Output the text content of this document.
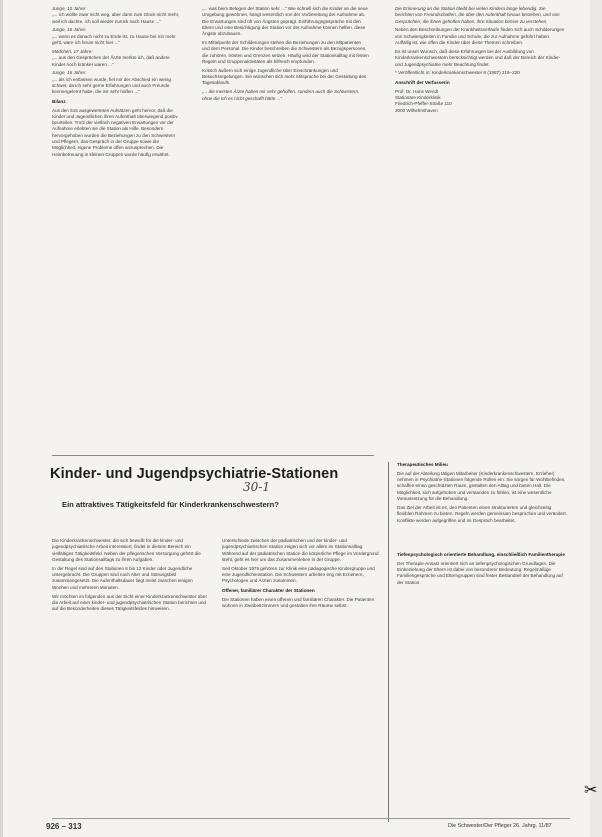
Junge, 10 Jahre:
„... ich wollte zwar nicht weg, aber dann zum Glück nicht mehr, weil ich dachte, ich soll wieder zurück nach Hause ...“

Junge, 16 Jahre:
„... wenn es danach nicht zu Ende ist, zu Hause bei mir mehr geht, wäre ich heute nicht hier ...“

Mädchen, 17 Jahre:
„... aus den Gesprächen der Ärzte merkte ich, daß andere Kinder noch kränker waren ...“

Junge, 16 Jahre:
„... als ich entlassen wurde, fiel mir der Abschied ein wenig schwer, da ich sehr gerne Erfahrungen und auch Freunde kennengelernt habe, die mir sehr halfen ...“

Bilanz

Aus den 515 ausgewerteten Aufsätzen geht hervor, daß die Kinder und Jugendlichen ihren Aufenthalt überwiegend positiv beurteilen. Trotz der vielfach negativen Erwartungen vor der Aufnahme erlebten sie die Station als Hilfe. Besonders hervorgehoben wurden die Beziehungen zu den Schwestern und Pflegern, das Gespräch in der Gruppe sowie die Möglichkeit, eigene Probleme offen anzusprechen. Die Heimbetreuung in kleinen Gruppen wurde häufig erwähnt.

„... was beim Belegen der Station sehr ...“ Wie schnell sich die Kinder an die neue Umgebung gewöhnen, hängt wesentlich von der Vorbereitung der Aufnahme ab. Die Erwartungen sind oft von Ängsten geprägt. Einführungsgespräche mit den Eltern und eine Besichtigung der Station vor der Aufnahme können helfen, diese Ängste abzubauen.

Im Mittelpunkt der Schilderungen stehen die Beziehungen zu den Mitpatienten und dem Personal. Die Kinder beschreiben die Schwestern als Bezugspersonen, die zuhören, trösten und Grenzen setzen. Häufig wird der Stationsalltag mit festen Regeln und Gruppenaktivitäten als hilfreich empfunden.

Kritisch äußern sich einige Jugendliche über Einschränkungen und Besuchsregelungen. Sie wünschen sich mehr Mitsprache bei der Gestaltung des Tagesablaufs.

„... die meisten Ärzte haben mir sehr geholfen, sondern auch die Schwestern, ohne die ich es nicht geschafft hätte ...“

Die Erinnerung an die Station bleibt bei vielen Kindern lange lebendig. Sie berichten von Freundschaften, die über den Aufenthalt hinaus bestehen, und von Gesprächen, die ihnen geholfen haben, ihre Situation besser zu verstehen.

Neben den Beschreibungen der Krankheitsverläufe finden sich auch Schilderungen von Schwierigkeiten in Familie und Schule, die zur Aufnahme geführt haben. Auffällig ist, wie offen die Kinder über diese Themen schreiben.

Es ist unser Wunsch, daß diese Erfahrungen bei der Ausbildung von Kinderkrankenschwestern berücksichtigt werden und daß der Bereich der Kinder- und Jugendpsychiatrie mehr Beachtung findet.

* Veröffentlicht in: Kinderkrankenschwester 6 (1987) 219–220

Anschrift der Verfasserin

Prof. Dr. Hans Wendt
Stationäre Kinderklinik
Friedrich-Pfeffer-Straße 110
3000 Wilhelmshaven

Kinder- und Jugendpsychiatrie-Stationen
30-1
Ein attraktives Tätigkeitsfeld für Kinderkrankenschwestern?

Therapeutisches Milieu

Die auf der Abteilung tätigen Mitarbeiter (Kinderkrankenschwestern, Erzieher) nehmen in Psychiatrie-Stationen folgende Rollen ein: Sie sorgen für Wohlbefinden, schaffen einen geschützten Raum, gestalten den Alltag und bieten Halt. Die Möglichkeit, sich aufgehoben und verstanden zu fühlen, ist eine wesentliche Voraussetzung für die Behandlung.

Das Ziel der Arbeit ist es, den Patienten einen strukturierten und gleichzeitig flexiblen Rahmen zu bieten. Regeln werden gemeinsam besprochen und verändert. Konflikte werden aufgegriffen und im Gespräch bearbeitet.

Tiefenpsychologisch orientierte Behandlung, einschließlich Familientherapie

Der Therapie-Ansatz orientiert sich an tiefenpsychologischen Grundlagen. Die Einbeziehung der Eltern ist dabei von besonderer Bedeutung. Regelmäßige Familiengespräche und Elterngruppen sind fester Bestandteil der Behandlung auf der Station.

Die Kinderkrankenschwester, die sich bewußt für die kinder- und jugendpsychiatrische Arbeit interessiert, findet in diesem Bereich ein vielfältiges Tätigkeitsfeld. Neben der pflegerischen Versorgung gehört die Gestaltung des Stationsalltags zu ihren Aufgaben.

In der Regel sind auf den Stationen 8 bis 12 Kinder oder Jugendliche untergebracht. Die Gruppen sind nach Alter und Störungsbild zusammengesetzt. Die Aufenthaltsdauer liegt meist zwischen einigen Wochen und mehreren Monaten.

Wir möchten im folgenden aus der Sicht einer Kinderkrankenschwester über die Arbeit auf einer kinder- und jugendpsychiatrischen Station berichten und auf die Besonderheiten dieses Tätigkeitsfeldes hinweisen.

Unterschiede zwischen der pädiatrischen und der kinder- und jugendpsychiatrischen Station zeigen sich vor allem im Stationsalltag. Während auf der pädiatrischen Station die körperliche Pflege im Vordergrund steht, geht es hier um das Zusammenleben in der Gruppe.

Seit Oktober 1979 gehören zur Klinik eine pädagogische Kindergruppe und eine Jugendlichenstation. Die Schwestern arbeiten eng mit Erziehern, Psychologen und Ärzten zusammen.

Offener, familiärer Charakter der Stationen

Die Stationen haben einen offenen und familiären Charakter. Die Patienten wohnen in Zweibettzimmern und gestalten ihre Räume selbst.

926 – 313	Die Schwester/Der Pfleger 26. Jahrg. 11/87
✂
